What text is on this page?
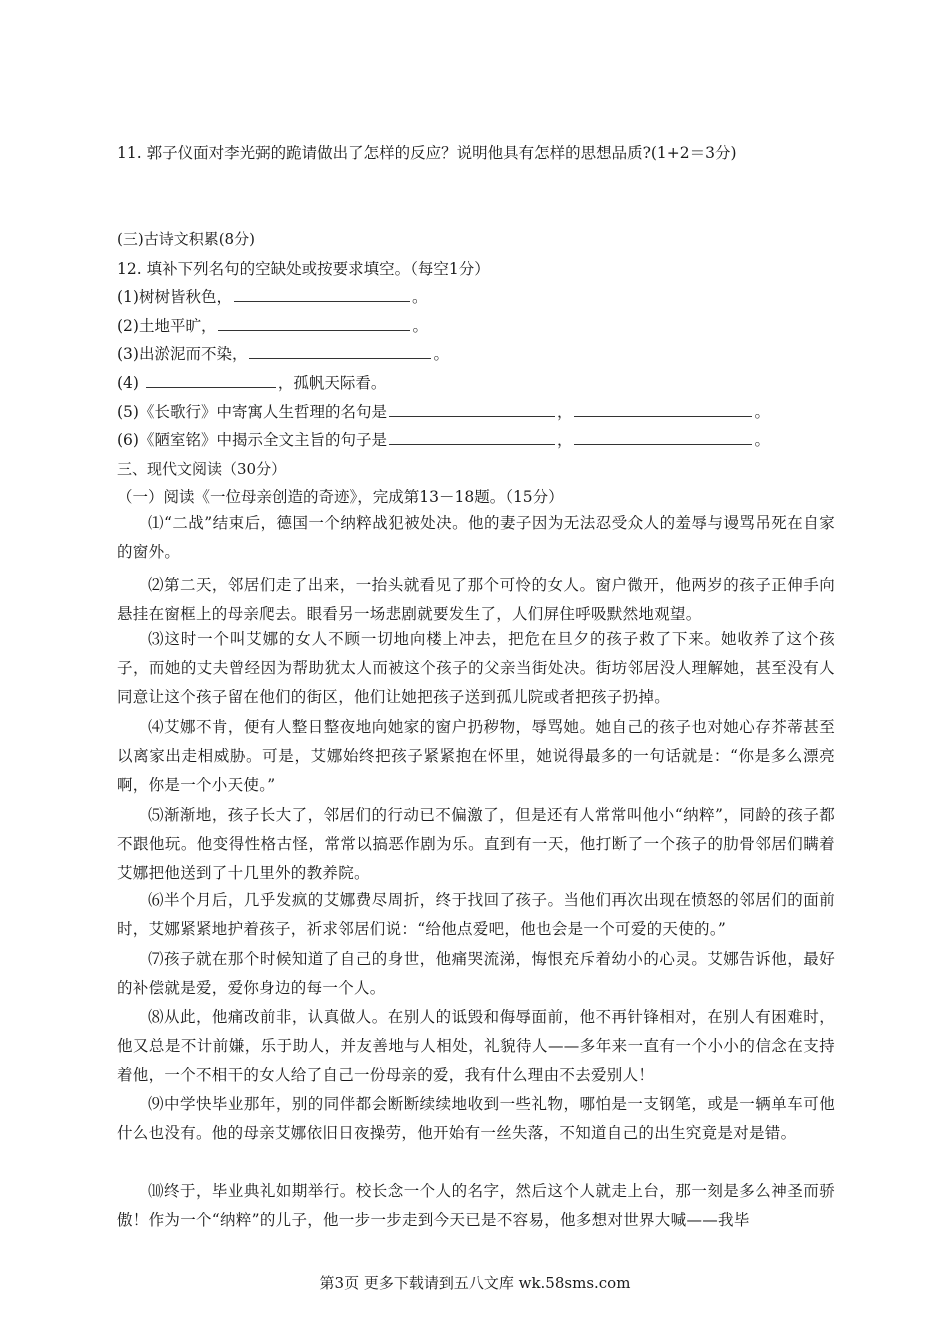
11. 郭子仪面对李光弼的跪请做出了怎样的反应？说明他具有怎样的思想品质?(1+2＝3分)
(三)古诗文积累(8分)
12. 填补下列名句的空缺处或按要求填空。（每空1分）
(1)树树皆秋色，	。
(2)土地平旷，	。
(3)出淤泥而不染，	。
(4)	，孤帆天际看。
(5)《长歌行》中寄寓人生哲理的名句是	，	。
(6)《陋室铭》中揭示全文主旨的句子是	，	。
三、现代文阅读（30分）
（一）阅读《一位母亲创造的奇迹》，完成第13－18题。（15分）

⑴“二战”结束后，德国一个纳粹战犯被处决。他的妻子因为无法忍受众人的羞辱与谩骂吊死在自家的窗外。

⑵第二天，邻居们走了出来，一抬头就看见了那个可怜的女人。窗户微开，他两岁的孩子正伸手向悬挂在窗框上的母亲爬去。眼看另一场悲剧就要发生了，人们屏住呼吸默然地观望。

⑶这时一个叫艾娜的女人不顾一切地向楼上冲去，把危在旦夕的孩子救了下来。她收养了这个孩子，而她的丈夫曾经因为帮助犹太人而被这个孩子的父亲当街处决。街坊邻居没人理解她，甚至没有人同意让这个孩子留在他们的街区，他们让她把孩子送到孤儿院或者把孩子扔掉。

⑷艾娜不肯，便有人整日整夜地向她家的窗户扔秽物，辱骂她。她自己的孩子也对她心存芥蒂甚至以离家出走相威胁。可是，艾娜始终把孩子紧紧抱在怀里，她说得最多的一句话就是：“你是多么漂亮啊，你是一个小天使。”

⑸渐渐地，孩子长大了，邻居们的行动已不偏激了，但是还有人常常叫他小“纳粹”，同龄的孩子都不跟他玩。他变得性格古怪，常常以搞恶作剧为乐。直到有一天，他打断了一个孩子的肋骨邻居们瞒着艾娜把他送到了十几里外的教养院。

⑹半个月后，几乎发疯的艾娜费尽周折，终于找回了孩子。当他们再次出现在愤怒的邻居们的面前时，艾娜紧紧地护着孩子，祈求邻居们说：“给他点爱吧，他也会是一个可爱的天使的。”

⑺孩子就在那个时候知道了自己的身世，他痛哭流涕，悔恨充斥着幼小的心灵。艾娜告诉他，最好的补偿就是爱，爱你身边的每一个人。

⑻从此，他痛改前非，认真做人。在别人的诋毁和侮辱面前，他不再针锋相对，在别人有困难时，他又总是不计前嫌，乐于助人，并友善地与人相处，礼貌待人——多年来一直有一个小小的信念在支持着他，一个不相干的女人给了自己一份母亲的爱，我有什么理由不去爱别人！

⑼中学快毕业那年，别的同伴都会断断续续地收到一些礼物，哪怕是一支钢笔，或是一辆单车可他什么也没有。他的母亲艾娜依旧日夜操劳，他开始有一丝失落，不知道自己的出生究竟是对是错。

⑽终于，毕业典礼如期举行。校长念一个人的名字，然后这个人就走上台，那一刻是多么神圣而骄傲！作为一个“纳粹”的儿子，他一步一步走到今天已是不容易，他多想对世界大喊——我毕

第3页 更多下载请到五八文库 wk.58sms.com
